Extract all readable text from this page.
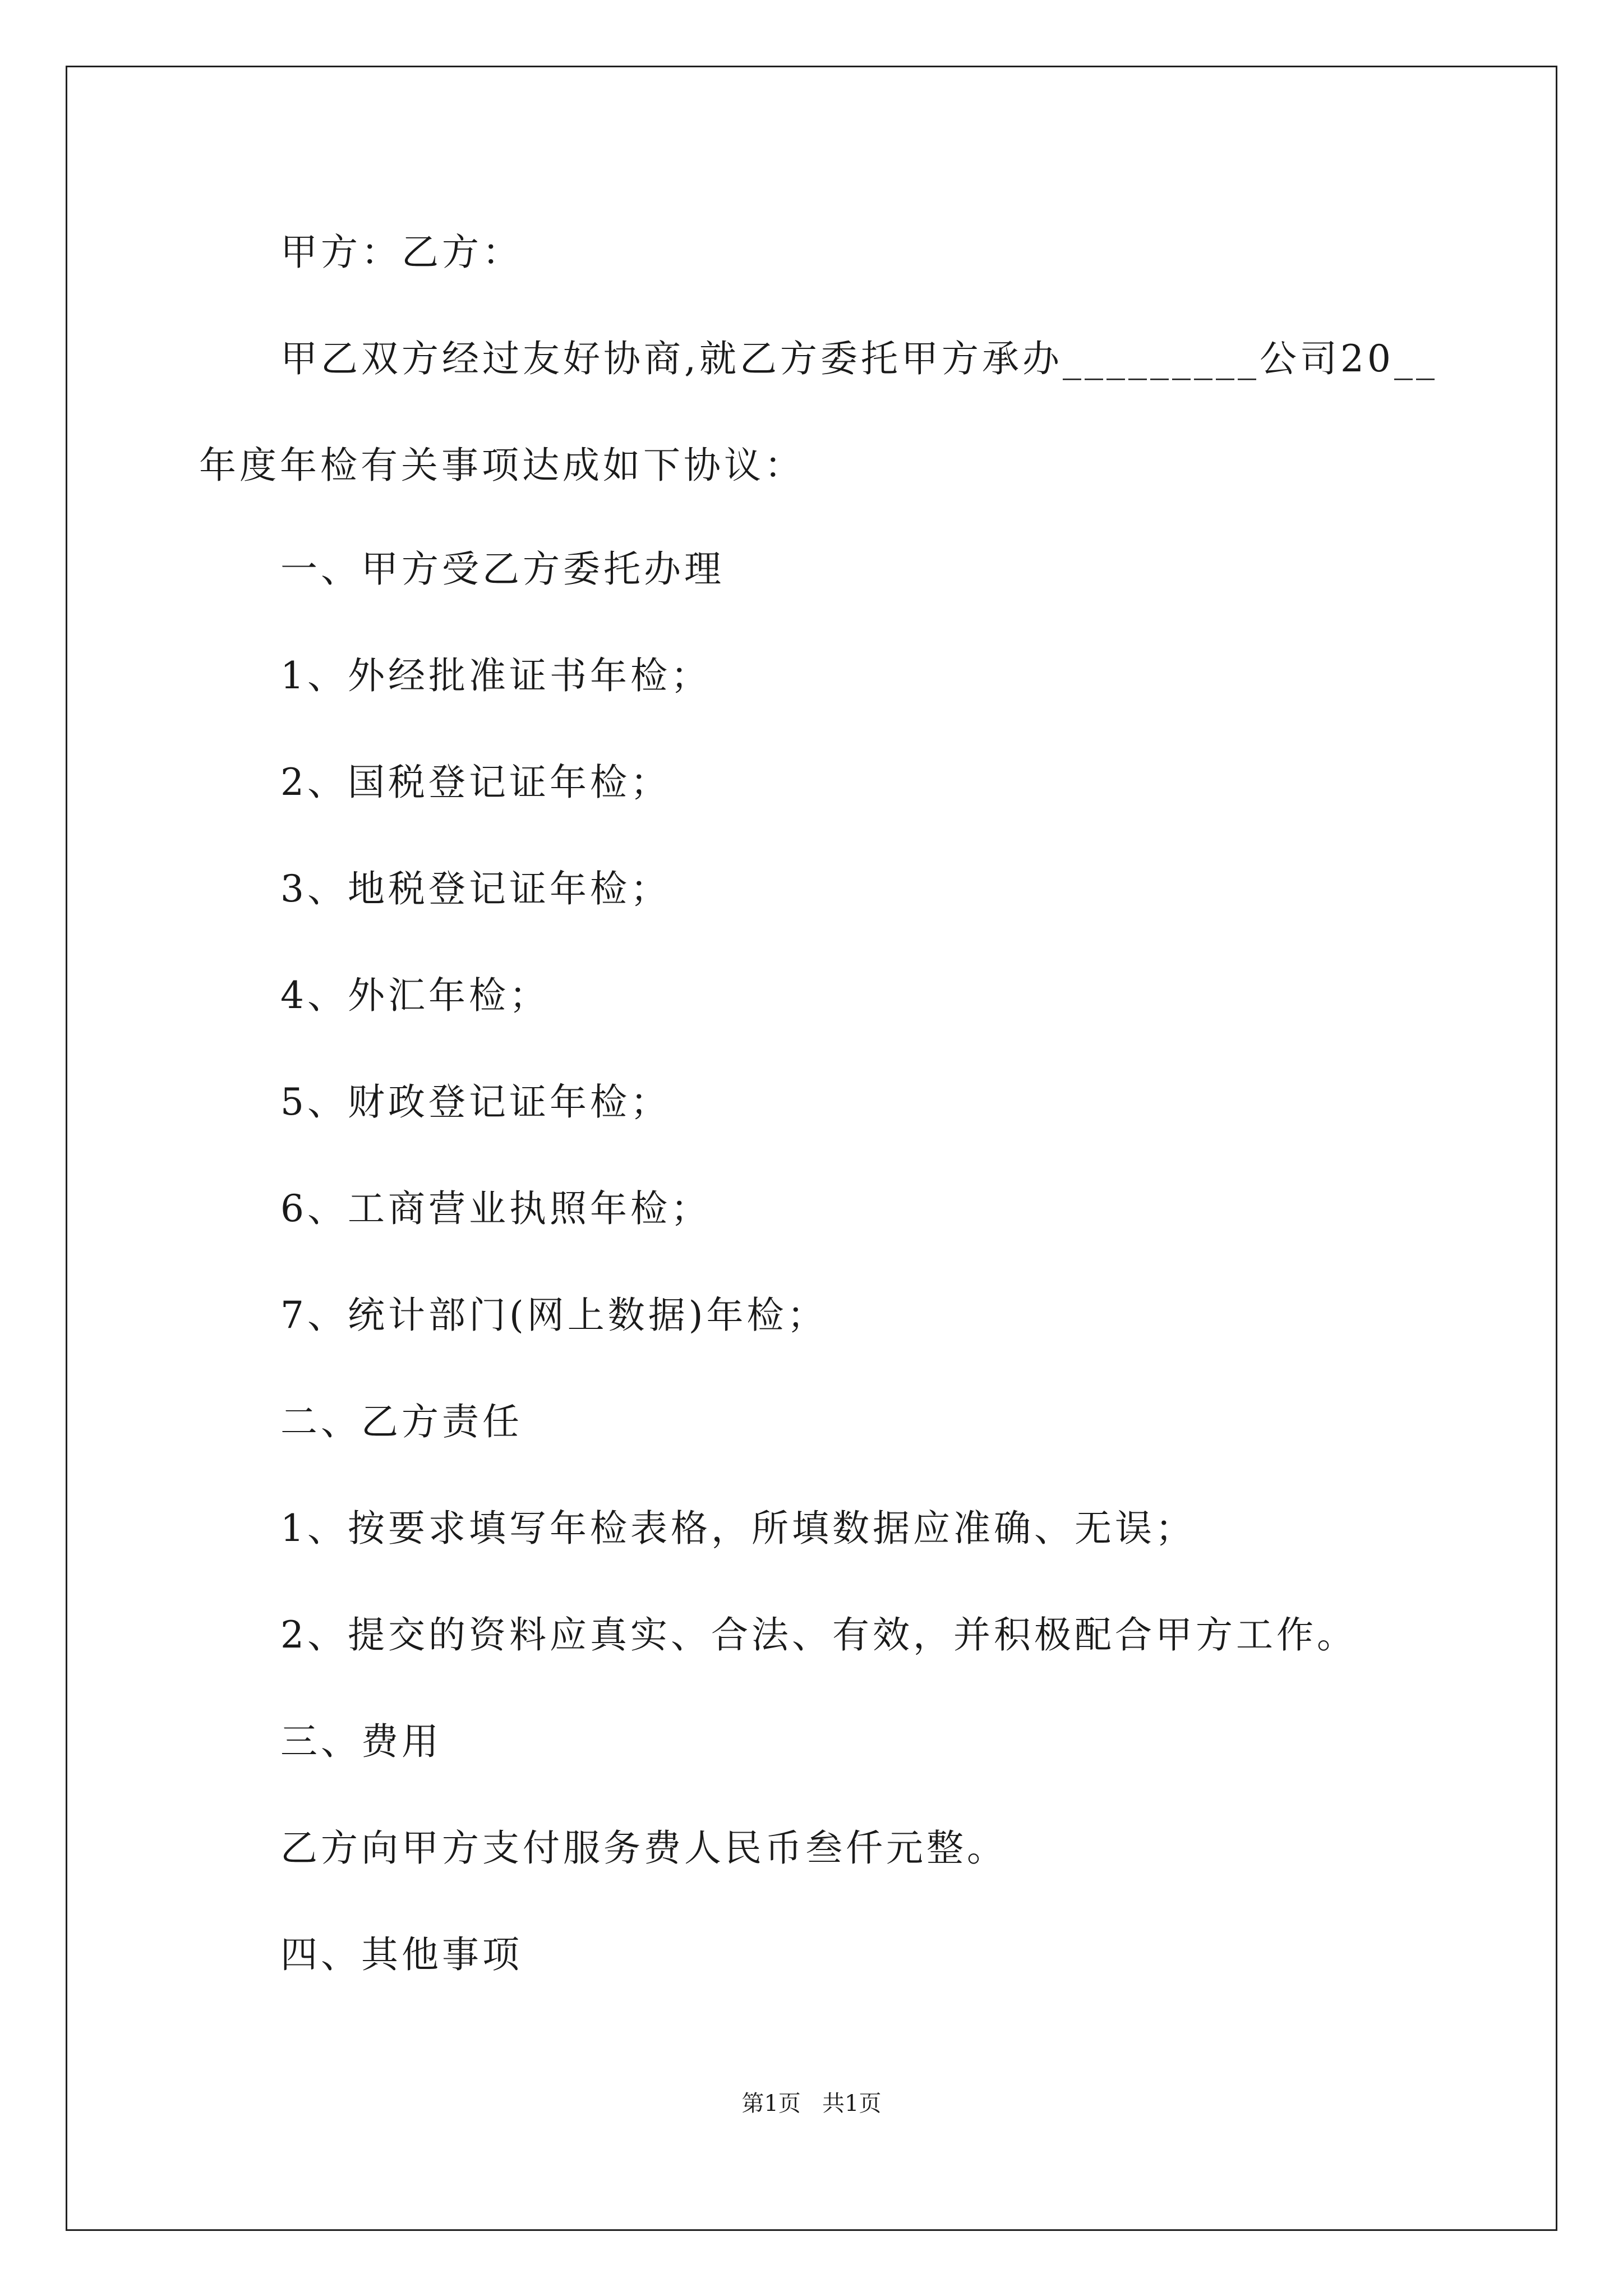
甲方：乙方：
甲乙双方经过友好协商,就乙方委托甲方承办_________公司20__
年度年检有关事项达成如下协议：
一、甲方受乙方委托办理
1、外经批准证书年检；
2、国税登记证年检；
3、地税登记证年检；
4、外汇年检；
5、财政登记证年检；
6、工商营业执照年检；
7、统计部门(网上数据)年检；
二、乙方责任
1、按要求填写年检表格，所填数据应准确、无误；
2、提交的资料应真实、合法、有效，并积极配合甲方工作。
三、费用
乙方向甲方支付服务费人民币叁仟元整。
四、其他事项
第1页   共1页
